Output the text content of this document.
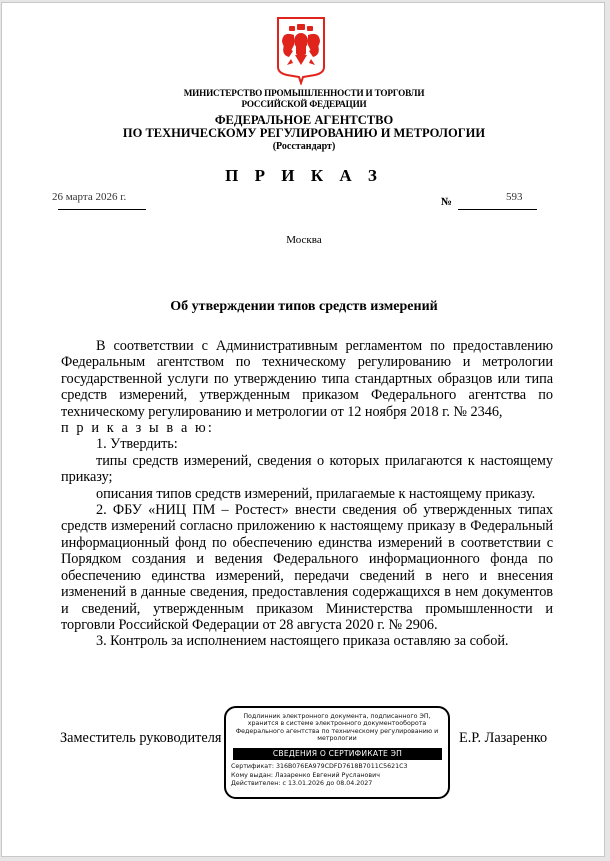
МИНИСТЕРСТВО ПРОМЫШЛЕННОСТИ И ТОРГОВЛИ
РОССИЙСКОЙ ФЕДЕРАЦИИ
ФЕДЕРАЛЬНОЕ АГЕНТСТВО
ПО ТЕХНИЧЕСКОМУ РЕГУЛИРОВАНИЮ И МЕТРОЛОГИИ
(Росстандарт)
П Р И К А З
26 марта 2026 г.	№	593
Москва
Об утверждении типов средств измерений

В соответствии с Административным регламентом по предоставлению Федеральным агентством по техническому регулированию и метрологии государственной услуги по утверждению типа стандартных образцов или типа средств измерений, утвержденным приказом Федерального агентства по техническому регулированию и метрологии от 12 ноября 2018 г. № 2346,

п р и к а з ы в а ю:

1. Утвердить:

типы средств измерений, сведения о которых прилагаются к настоящему приказу;

описания типов средств измерений, прилагаемые к настоящему приказу.

2. ФБУ «НИЦ ПМ – Ростест» внести сведения об утвержденных типах средств измерений согласно приложению к настоящему приказу в Федеральный информационный фонд по обеспечению единства измерений в соответствии с Порядком создания и ведения Федерального информационного фонда по обеспечению единства измерений, передачи сведений в него и внесения изменений в данные сведения, предоставления содержащихся в нем документов и сведений, утвержденным приказом Министерства промышленности и торговли Российской Федерации от 28 августа 2020 г. № 2906.

3. Контроль за исполнением настоящего приказа оставляю за собой.

Заместитель руководителя	Е.Р. Лазаренко
Подлинник электронного документа, подписанного ЭП, хранится в системе электронного документооборота Федерального агентства по техническому регулированию и метрологии
СВЕДЕНИЯ О СЕРТИФИКАТЕ ЭП
Сертификат: 316B076EA979CDFD7618B7011C5621C3
Кому выдан: Лазаренко Евгений Русланович
Действителен: с 13.01.2026 до 08.04.2027
